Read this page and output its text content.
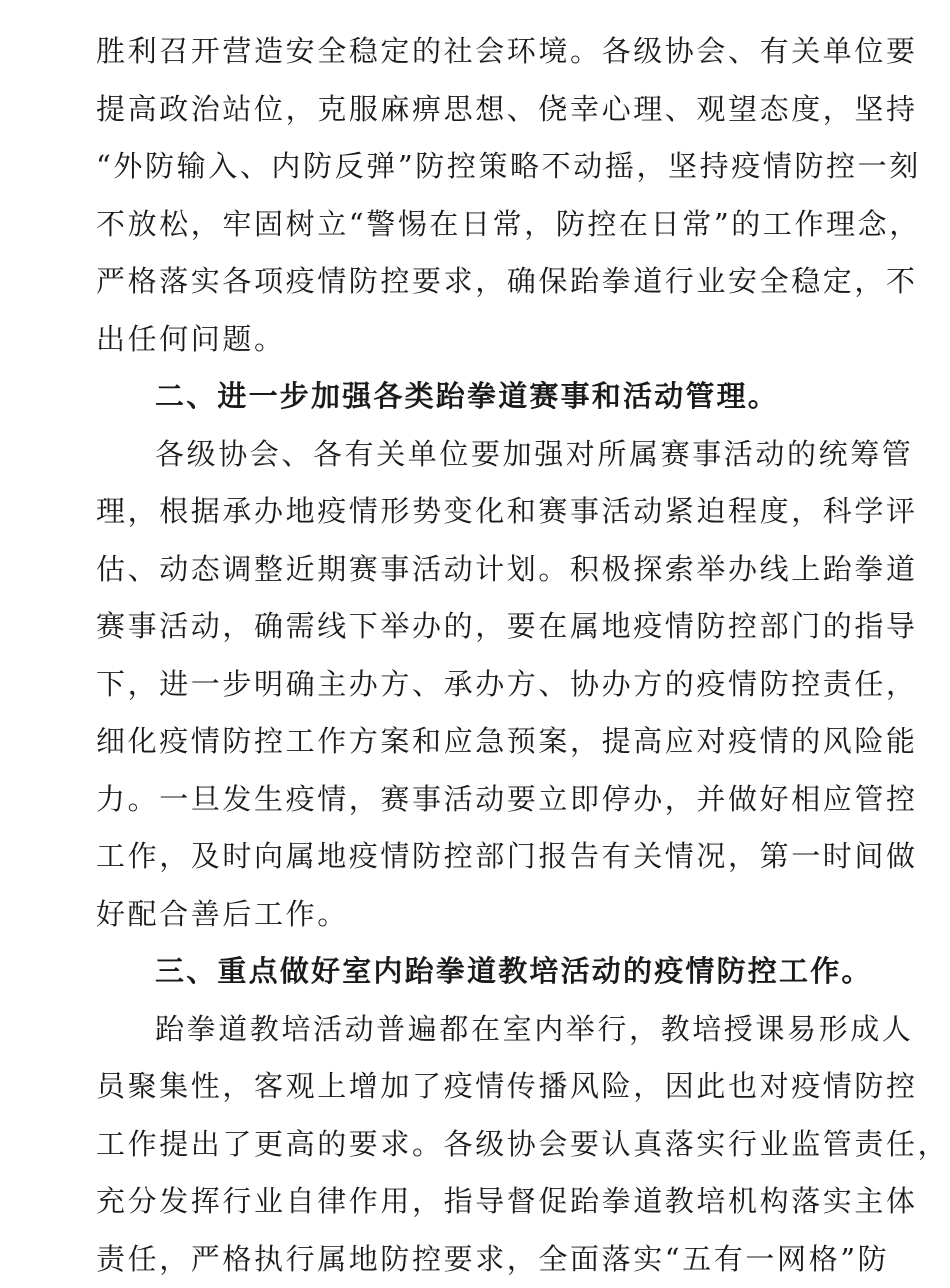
胜利召开营造安全稳定的社会环境。各级协会、有关单位要
提高政治站位，克服麻痹思想、侥幸心理、观望态度，坚持
“外防输入、内防反弹”防控策略不动摇，坚持疫情防控一刻
不放松，牢固树立“警惕在日常，防控在日常”的工作理念，
严格落实各项疫情防控要求，确保跆拳道行业安全稳定，不
出任何问题。
二、进一步加强各类跆拳道赛事和活动管理。
各级协会、各有关单位要加强对所属赛事活动的统筹管
理，根据承办地疫情形势变化和赛事活动紧迫程度，科学评
估、动态调整近期赛事活动计划。积极探索举办线上跆拳道
赛事活动，确需线下举办的，要在属地疫情防控部门的指导
下，进一步明确主办方、承办方、协办方的疫情防控责任，
细化疫情防控工作方案和应急预案，提高应对疫情的风险能
力。一旦发生疫情，赛事活动要立即停办，并做好相应管控
工作，及时向属地疫情防控部门报告有关情况，第一时间做
好配合善后工作。
三、重点做好室内跆拳道教培活动的疫情防控工作。
跆拳道教培活动普遍都在室内举行，教培授课易形成人
员聚集性，客观上增加了疫情传播风险，因此也对疫情防控
工作提出了更高的要求。各级协会要认真落实行业监管责任，
充分发挥行业自律作用，指导督促跆拳道教培机构落实主体
责任，严格执行属地防控要求，全面落实“五有一网格”防
